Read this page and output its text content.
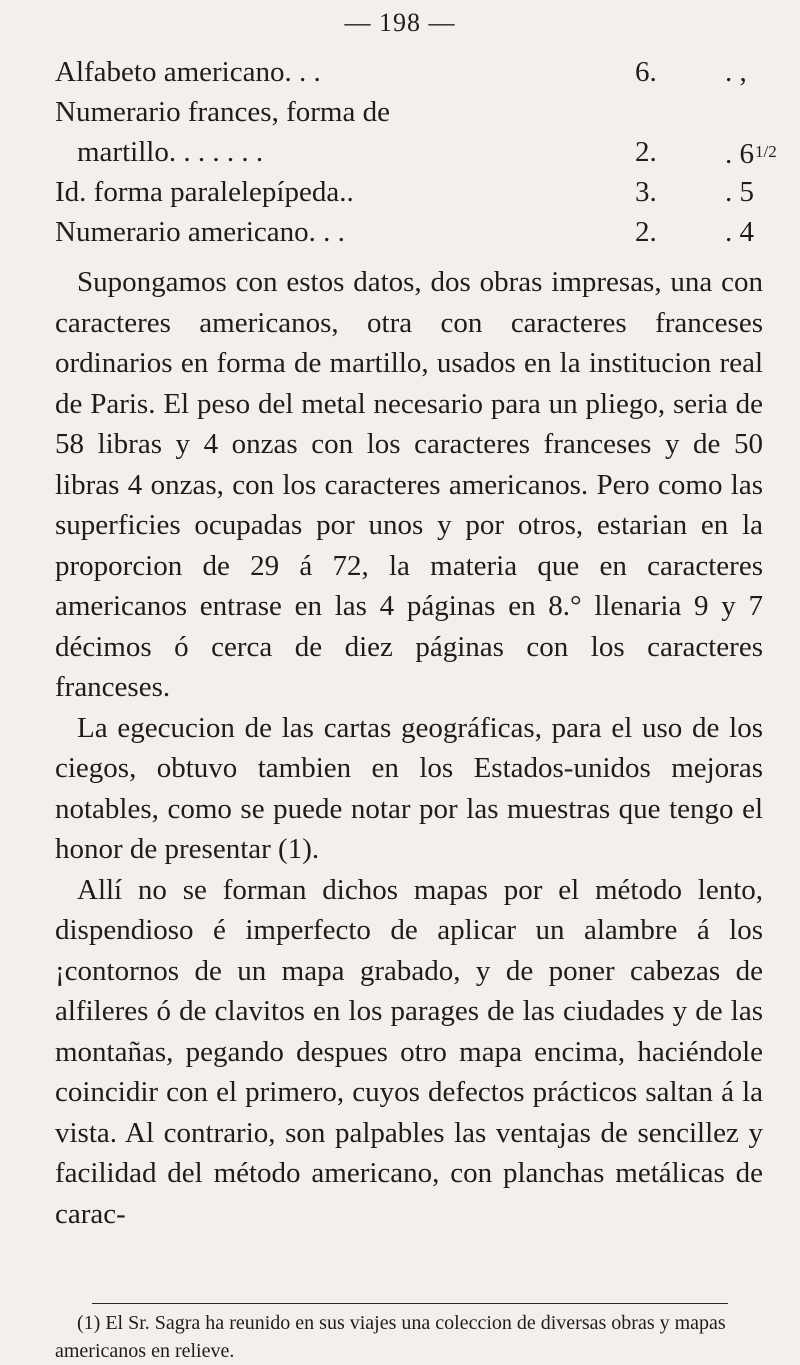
— 198 —
Alfabeto americano. . .	6. . ,
Numerario frances, forma de
martillo. . . . . . .	2. . $6^{1/2}$
Id. forma paralelepípeda..	3. . 5
Numerario americano. . .	2. . 4

Supongamos con estos datos, dos obras impresas, una con caracteres americanos, otra con caracteres franceses ordinarios en forma de martillo, usados en la institucion real de Paris. El peso del metal necesario para un pliego, seria de 58 libras y 4 onzas con los caracteres franceses y de 50 libras 4 onzas, con los caracteres americanos. Pero como las superficies ocupadas por unos y por otros, estarian en la proporcion de 29 á 72, la materia que en caracteres americanos entrase en las 4 páginas en 8.° llenaria 9 y 7 décimos ó cerca de diez páginas con los caracteres franceses.

La egecucion de las cartas geográficas, para el uso de los ciegos, obtuvo tambien en los Estados-unidos mejoras notables, como se puede notar por las muestras que tengo el honor de presentar (1).

Allí no se forman dichos mapas por el método lento, dispendioso é imperfecto de aplicar un alambre á los ¡contornos de un mapa grabado, y de poner cabezas de alfileres ó de clavitos en los parages de las ciudades y de las montañas, pegando despues otro mapa encima, haciéndole coincidir con el primero, cuyos defectos prácticos saltan á la vista. Al contrario, son palpables las ventajas de sencillez y facilidad del método americano, con planchas metálicas de carac-

(1) El Sr. Sagra ha reunido en sus viajes una coleccion de diversas obras y mapas americanos en relieve.
